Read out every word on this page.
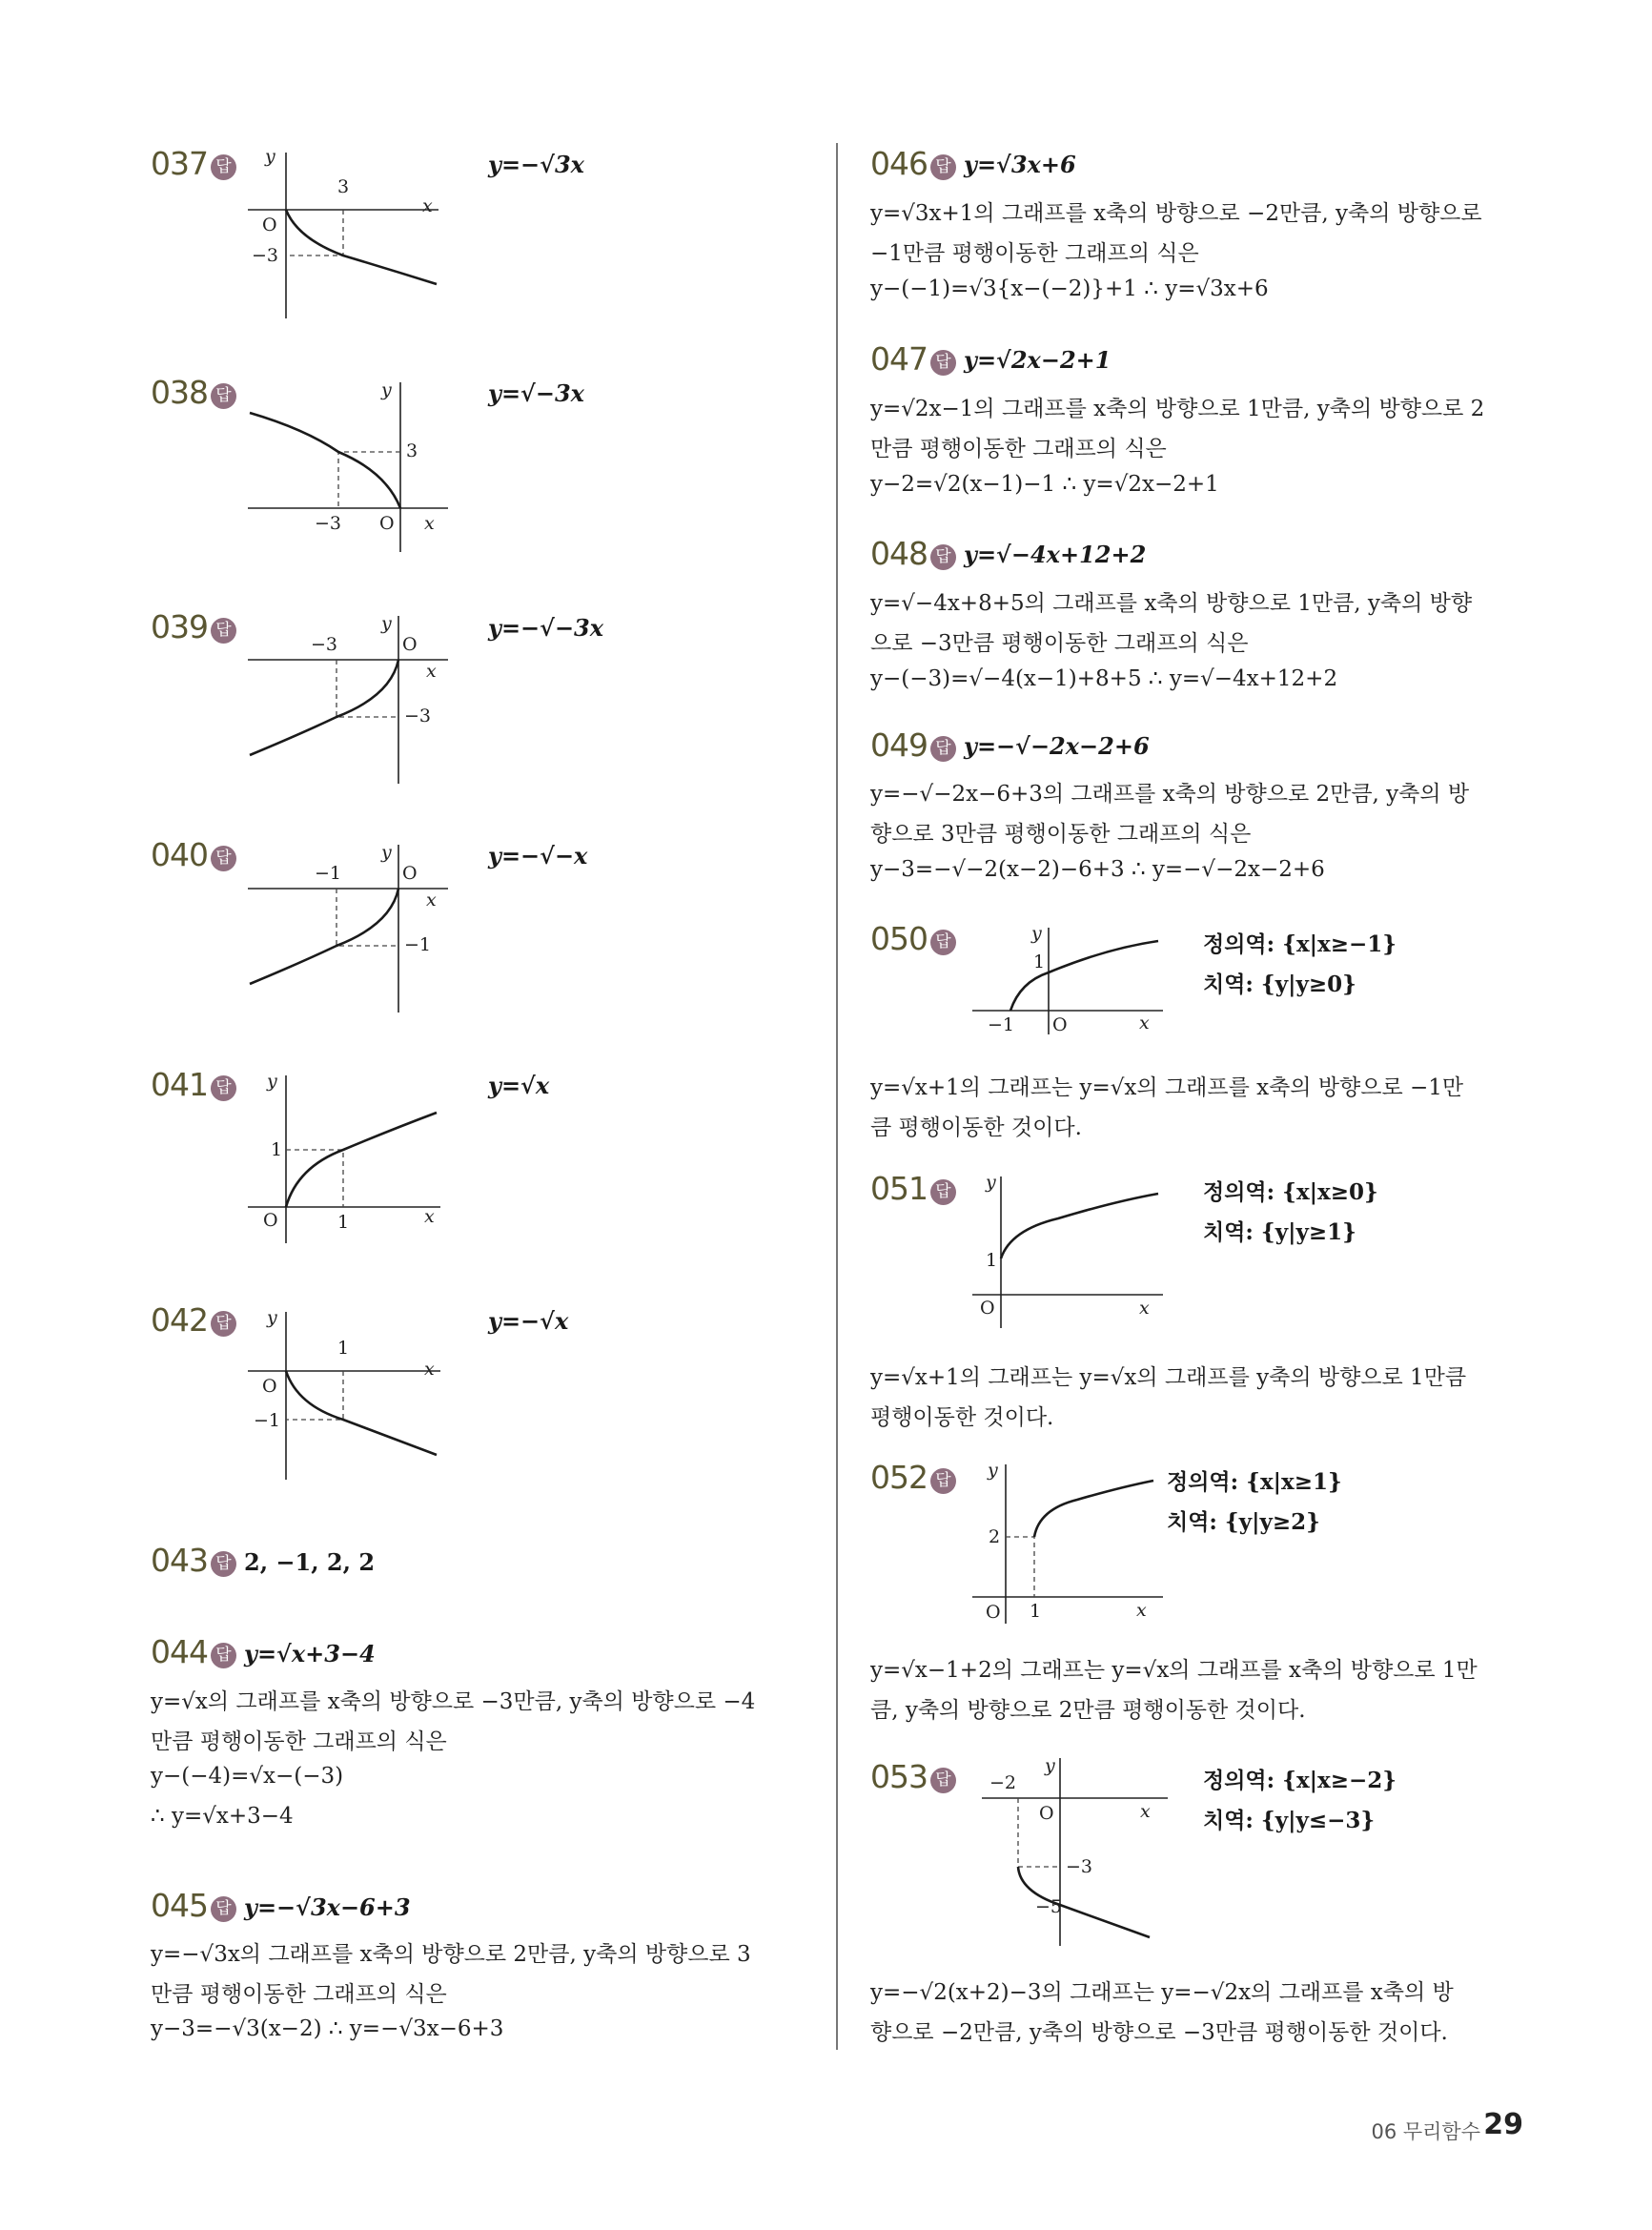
037 답	y=−√3x
y
O
x
3
−3
038 답	y=√−3x
y
O x
3
−3
039 답	y=−√−3x
y
O
x
−3
−3
040 답	y=−√−x
y
O
x
−1
−1
041 답	y=√x
y
O	x
1
1
042 답	y=−√x
y
O
x
1
−1
043 답 2, −1, 2, 2
044 답 y=√x+3−4
y=√x의 그래프를 x축의 방향으로 −3만큼, y축의 방향으로 −4
만큼 평행이동한 그래프의 식은
y−(−4)=√x−(−3)
∴ y=√x+3−4
045 답 y=−√3x−6+3
y=−√3x의 그래프를 x축의 방향으로 2만큼, y축의 방향으로 3
만큼 평행이동한 그래프의 식은
y−3=−√3(x−2) ∴ y=−√3x−6+3
046 답 y=√3x+6
y=√3x+1의 그래프를 x축의 방향으로 −2만큼, y축의 방향으로
−1만큼 평행이동한 그래프의 식은
y−(−1)=√3{x−(−2)}+1 ∴ y=√3x+6
047 답 y=√2x−2+1
y=√2x−1의 그래프를 x축의 방향으로 1만큼, y축의 방향으로 2
만큼 평행이동한 그래프의 식은
y−2=√2(x−1)−1 ∴ y=√2x−2+1
048 답 y=√−4x+12+2
y=√−4x+8+5의 그래프를 x축의 방향으로 1만큼, y축의 방향
으로 −3만큼 평행이동한 그래프의 식은
y−(−3)=√−4(x−1)+8+5 ∴ y=√−4x+12+2
049 답 y=−√−2x−2+6
y=−√−2x−6+3의 그래프를 x축의 방향으로 2만큼, y축의 방
향으로 3만큼 평행이동한 그래프의 식은
y−3=−√−2(x−2)−6+3 ∴ y=−√−2x−2+6
050 답	y
O	x
1
−1
정의역: {x|x≥−1}
치역: {y|y≥0}
y=√x+1의 그래프는 y=√x의 그래프를 x축의 방향으로 −1만
큼 평행이동한 것이다.
051 답 y
O	x
1
정의역: {x|x≥0}
치역: {y|y≥1}
y=√x+1의 그래프는 y=√x의 그래프를 y축의 방향으로 1만큼
평행이동한 것이다.
052 답 y
O	x
2
1
정의역: {x|x≥1}
치역: {y|y≥2}
y=√x−1+2의 그래프는 y=√x의 그래프를 x축의 방향으로 1만
큼, y축의 방향으로 2만큼 평행이동한 것이다.
053 답
y
O	x
−2
−3
−5
정의역: {x|x≥−2}
치역: {y|y≤−3}
y=−√2(x+2)−3의 그래프는 y=−√2x의 그래프를 x축의 방
향으로 −2만큼, y축의 방향으로 −3만큼 평행이동한 것이다.
06 무리함수 29
